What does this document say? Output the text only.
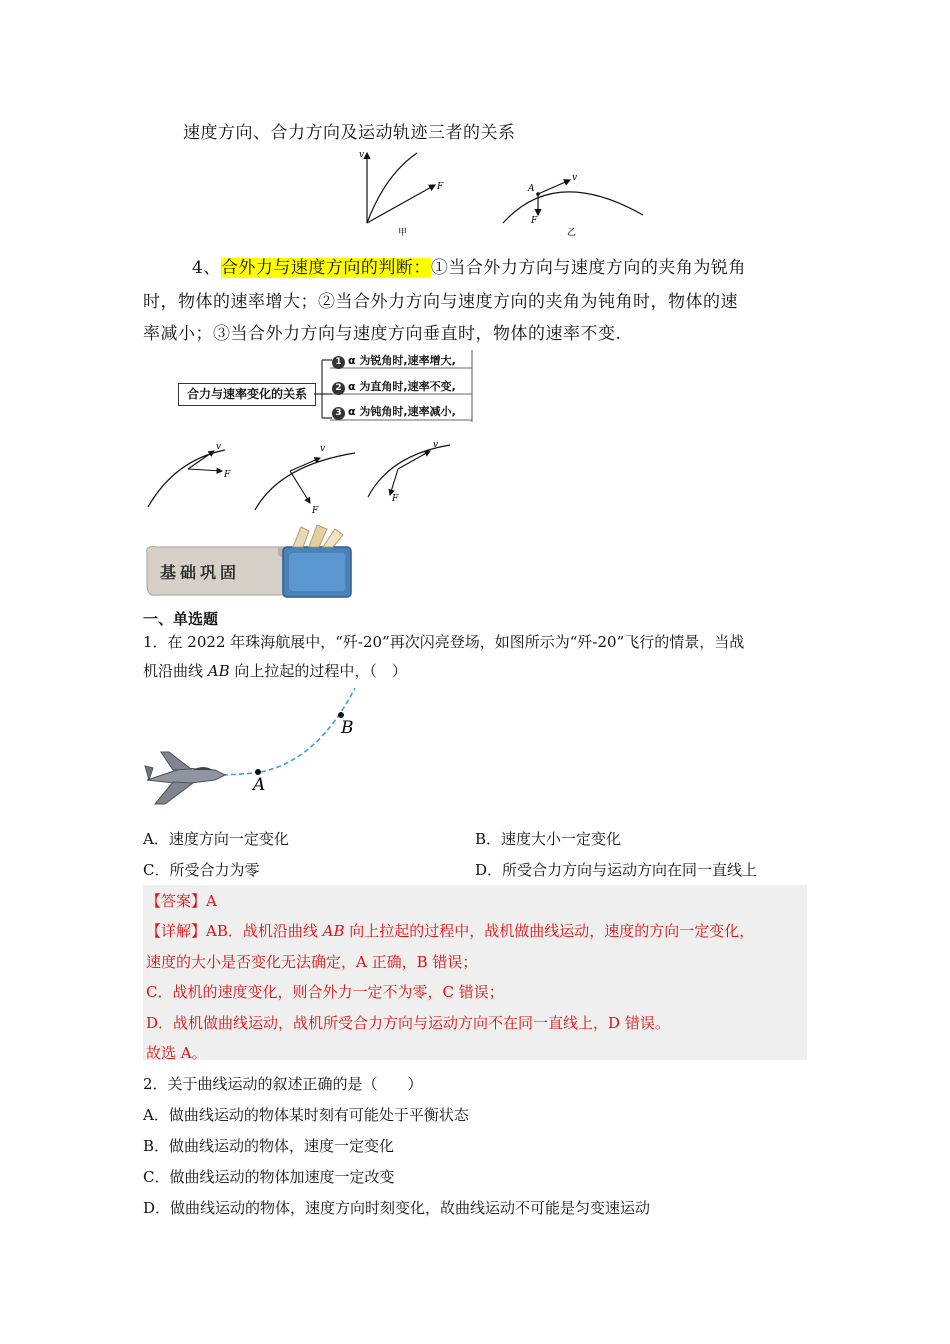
速度方向、合力方向及运动轨迹三者的关系
v
F
甲
A
v
F
乙
4、合外力与速度方向的判断：①当合外力方向与速度方向的夹角为锐角
时，物体的速率增大；②当合外力方向与速度方向的夹角为钝角时，物体的速
率减小；③当合外力方向与速度方向垂直时，物体的速率不变.
合力与速率变化的关系
1 α 为锐角时,速率增大,
2 α 为直角时,速率不变,
3 α 为钝角时,速率减小,
v
F
v
F
v
F
基础巩固
一、单选题
1．在 2022 年珠海航展中，“歼-20”再次闪亮登场，如图所示为“歼-20”飞行的情景，当战
机沿曲线 AB 向上拉起的过程中，（　）
A
B
A．速度方向一定变化	B．速度大小一定变化
C．所受合力为零	D．所受合力方向与运动方向在同一直线上
【答案】A
【详解】AB．战机沿曲线 AB 向上拉起的过程中，战机做曲线运动，速度的方向一定变化，
速度的大小是否变化无法确定，A 正确，B 错误；
C．战机的速度变化，则合外力一定不为零，C 错误；
D．战机做曲线运动，战机所受合力方向与运动方向不在同一直线上，D 错误。
故选 A。
2．关于曲线运动的叙述正确的是（　　）
A．做曲线运动的物体某时刻有可能处于平衡状态
B．做曲线运动的物体，速度一定变化
C．做曲线运动的物体加速度一定改变
D．做曲线运动的物体，速度方向时刻变化，故曲线运动不可能是匀变速运动
